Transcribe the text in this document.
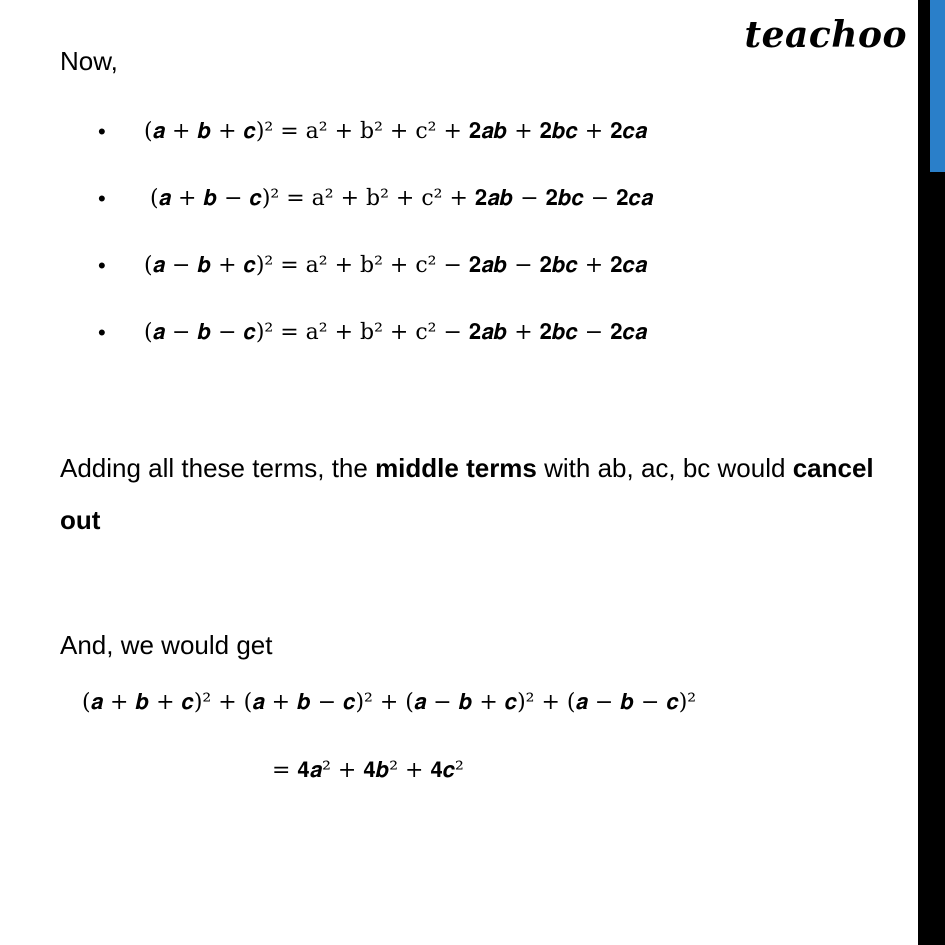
teachoo
Now,
• (𝒂 + 𝒃 + 𝒄)² = a² + b² + c² + 𝟐𝒂𝒃 + 𝟐𝒃𝒄 + 𝟐𝒄𝒂
• (𝒂 + 𝒃 − 𝒄)² = a² + b² + c² + 𝟐𝒂𝒃 − 𝟐𝒃𝒄 − 𝟐𝒄𝒂
• (𝒂 − 𝒃 + 𝒄)² = a² + b² + c² − 𝟐𝒂𝒃 − 𝟐𝒃𝒄 + 𝟐𝒄𝒂
• (𝒂 − 𝒃 − 𝒄)² = a² + b² + c² − 𝟐𝒂𝒃 + 𝟐𝒃𝒄 − 𝟐𝒄𝒂
Adding all these terms, the middle terms with ab, ac, bc would cancel out
And, we would get
(𝒂 + 𝒃 + 𝒄)² + (𝒂 + 𝒃 − 𝒄)² + (𝒂 − 𝒃 + 𝒄)² + (𝒂 − 𝒃 − 𝒄)²
= 𝟒𝒂² + 𝟒𝒃² + 𝟒𝒄²
